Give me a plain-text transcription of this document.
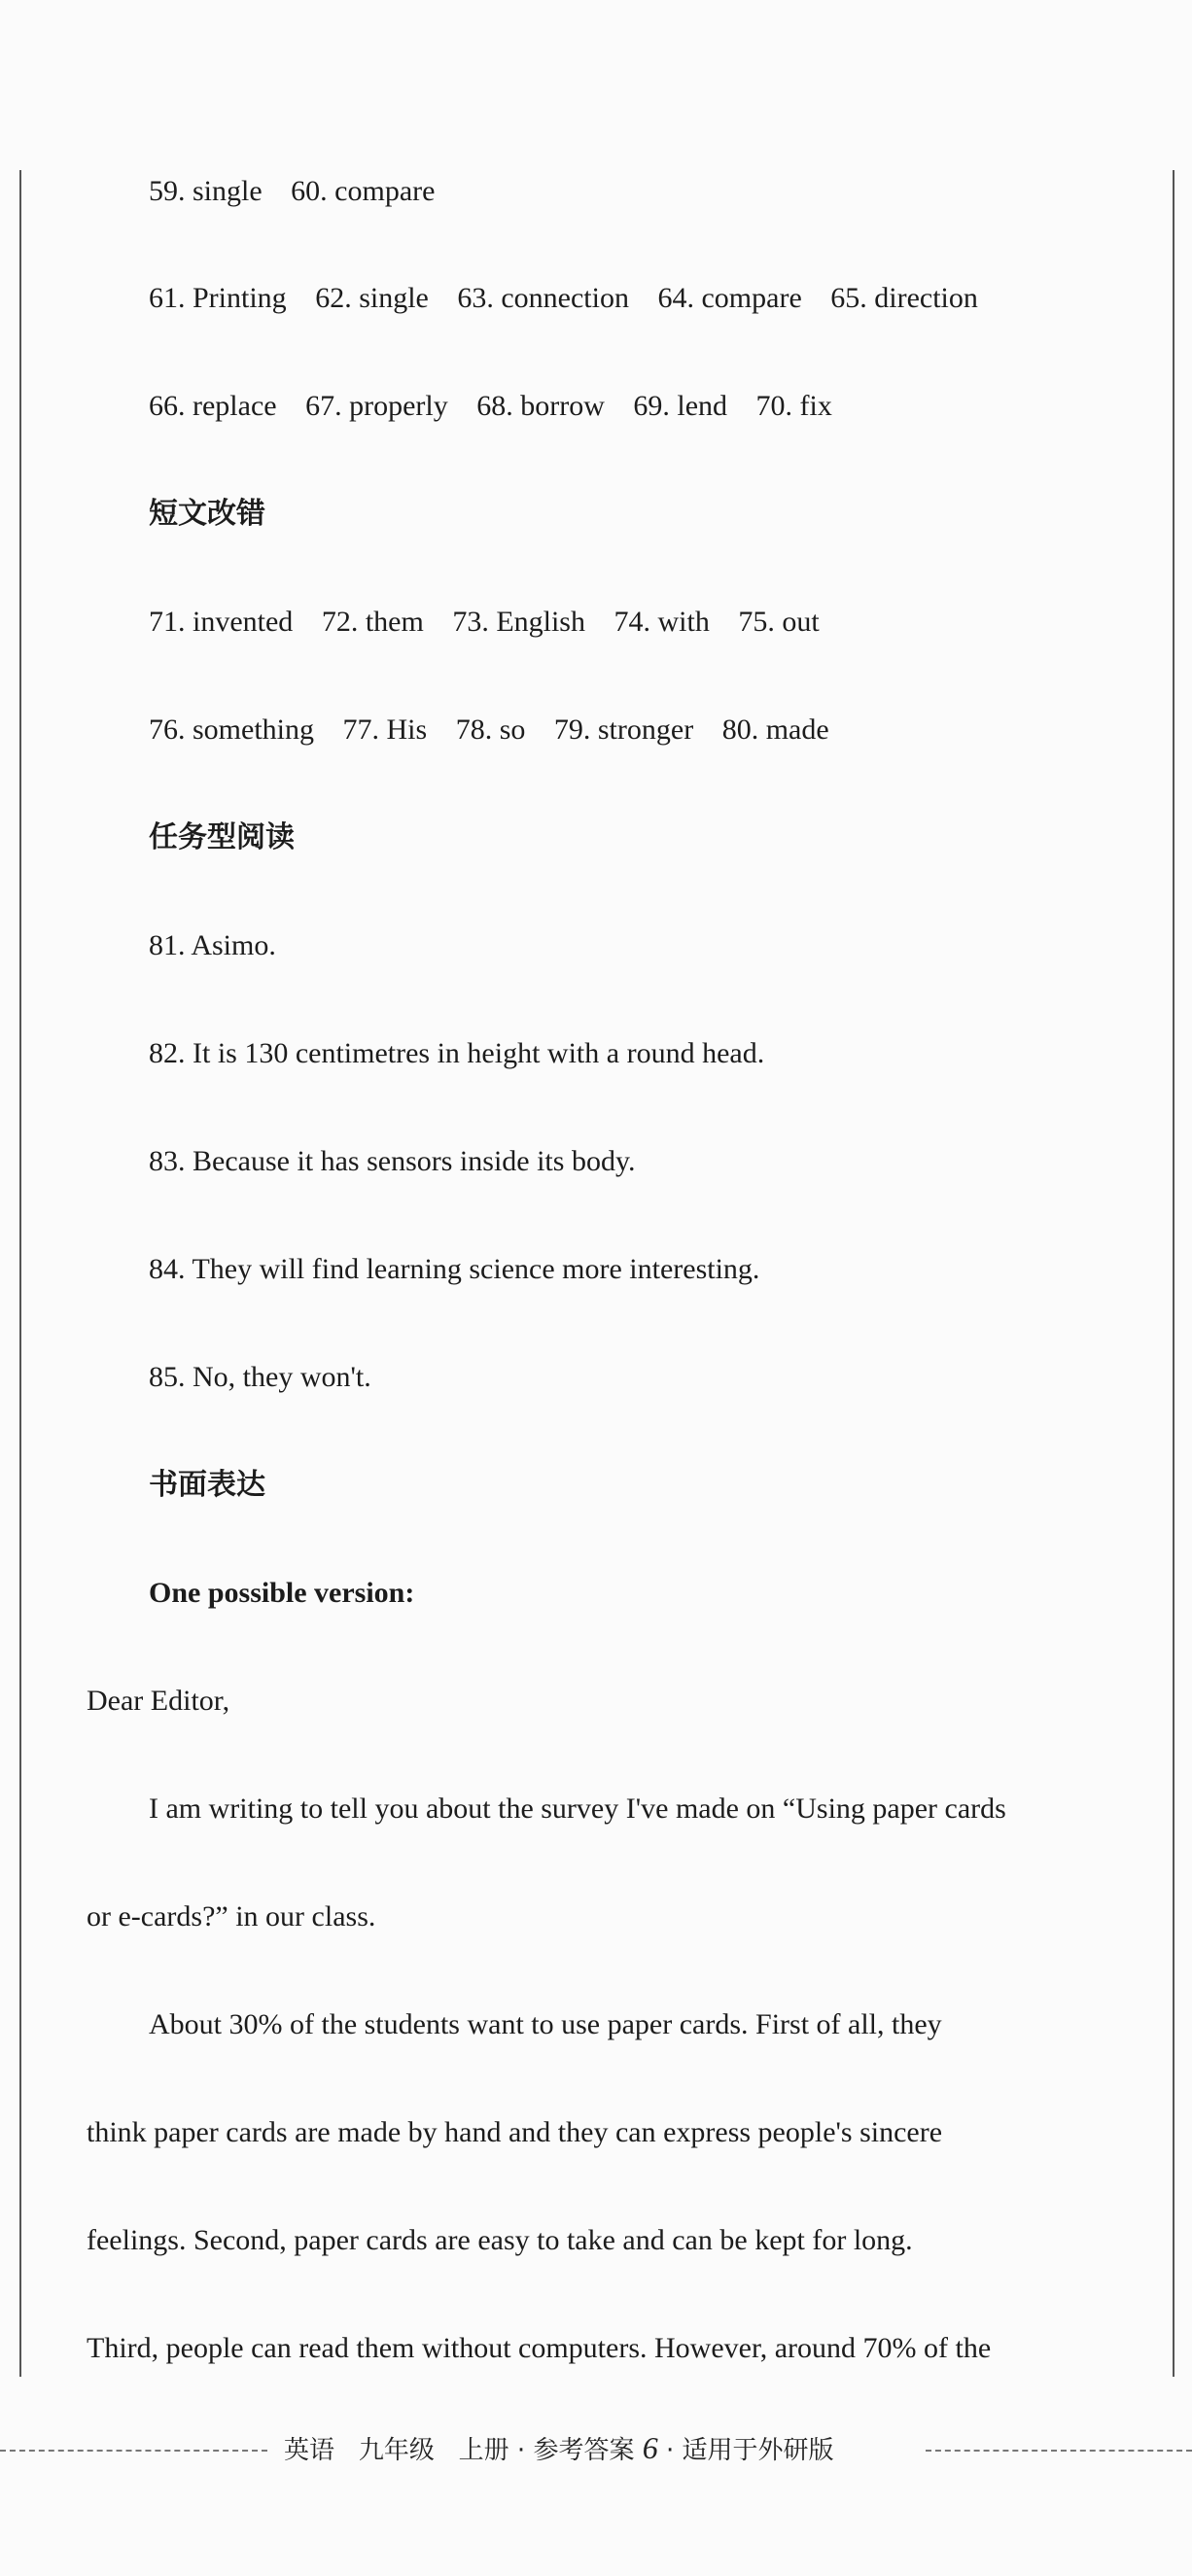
59. single 60. compare
61. Printing 62. single 63. connection 64. compare 65. direction
66. replace 67. properly 68. borrow 69. lend 70. fix
短文改错
71. invented 72. them 73. English 74. with 75. out
76. something 77. His 78. so 79. stronger 80. made
任务型阅读
81. Asimo.
82. It is 130 centimetres in height with a round head.
83. Because it has sensors inside its body.
84. They will find learning science more interesting.
85. No, they won't.
书面表达
One possible version:
Dear Editor,
I am writing to tell you about the survey I've made on “Using paper cards
or e-cards?” in our class.
About 30% of the students want to use paper cards. First of all, they
think paper cards are made by hand and they can express people's sincere
feelings. Second, paper cards are easy to take and can be kept for long.
Third, people can read them without computers. However, around 70% of the
英语 九年级 上册 · 参考答案 6 · 适用于外研版
